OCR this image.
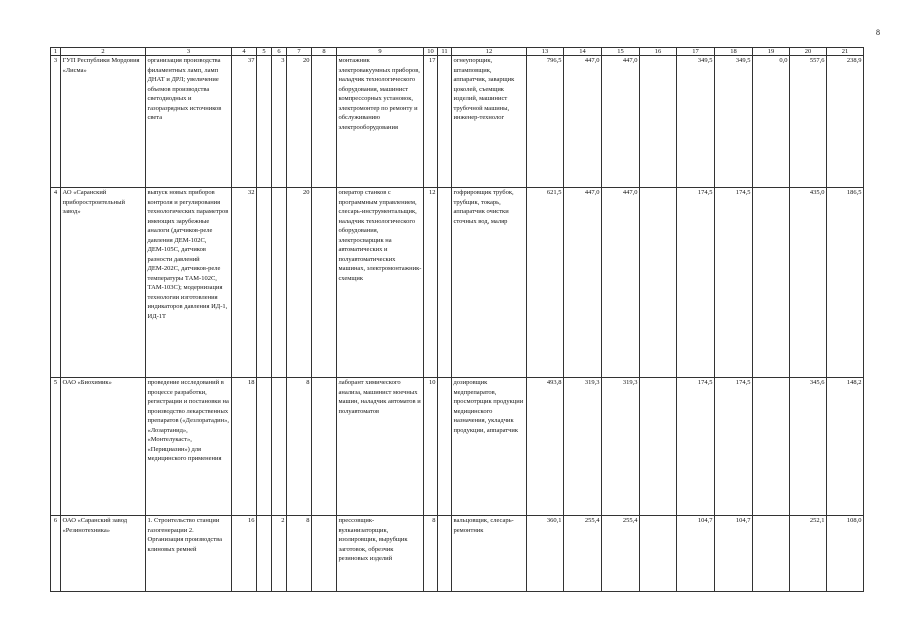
8
1	2	3	4	5	6	7	8	9	10	11	12	13	14	15	16	17	18	19	20	21
3	ГУП Республики Мордовия «Лисма»	организация производства филаментных ламп, ламп ДНАТ и ДРЛ; увеличение объемов производства светодиодных и газоразрядных источников света	37		3	20		монтажник электровакуумных приборов, наладчик технологического оборудования, машинист компрессорных установок, электромонтер по ремонту и обслуживанию электрооборудования	17		огнеупорщик, штамповщик, аппаратчик, заварщик цоколей, съемщик изделий, машинист трубочной машины, инженер-технолог	796,5	447,0	447,0		349,5	349,5	0,0	557,6	238,9
4	АО «Саранский приборостроительный завод»	выпуск новых приборов контроля и регулирования технологических параметров имеющих зарубежные аналоги (датчиков-реле давления ДЕМ-102С, ДЕМ-105С, датчиков разности давлений ДЕМ-202С, датчиков-реле температуры ТАМ-102С, ТАМ-103С); модернизация технологии изготовления индикаторов давления ИД-1, ИД-1Т	32			20		оператор станков с программным управлением, слесарь-инструментальщик, наладчик технологического оборудования, электросварщик на автоматических и полуавтоматических машинах, электромонтажник-схемщик	12		гофрировщик трубок, трубщик, токарь, аппаратчик очистки сточных вод, маляр	621,5	447,0	447,0		174,5	174,5		435,0	186,5
5	ОАО «Биохимик»	проведение исследований в процессе разработки, регистрации и постановки на производство лекарственных препаратов («Дезлоратадин», «Лозартанид», «Монтелукаст», «Перициазин») для медицинского применения	18			8		лаборант химического анализа, машинист моечных машин, наладчик автоматов и полуавтоматов	10		дозировщик медпрепаратов, просмотрщик продукции медицинского назначения, укладчик продукции, аппаратчик	493,8	319,3	319,3		174,5	174,5		345,6	148,2
6	ОАО «Саранский завод «Резинотехника»	1. Строительство станции газогенерации 2. Организация производства клиновых ремней	16		2	8		прессовщик-вулканизаторщик, изолировщик, вырубщик заготовок, обрезчик резиновых изделий	8		вальцовщик, слесарь-ремонтник	360,1	255,4	255,4		104,7	104,7		252,1	108,0
